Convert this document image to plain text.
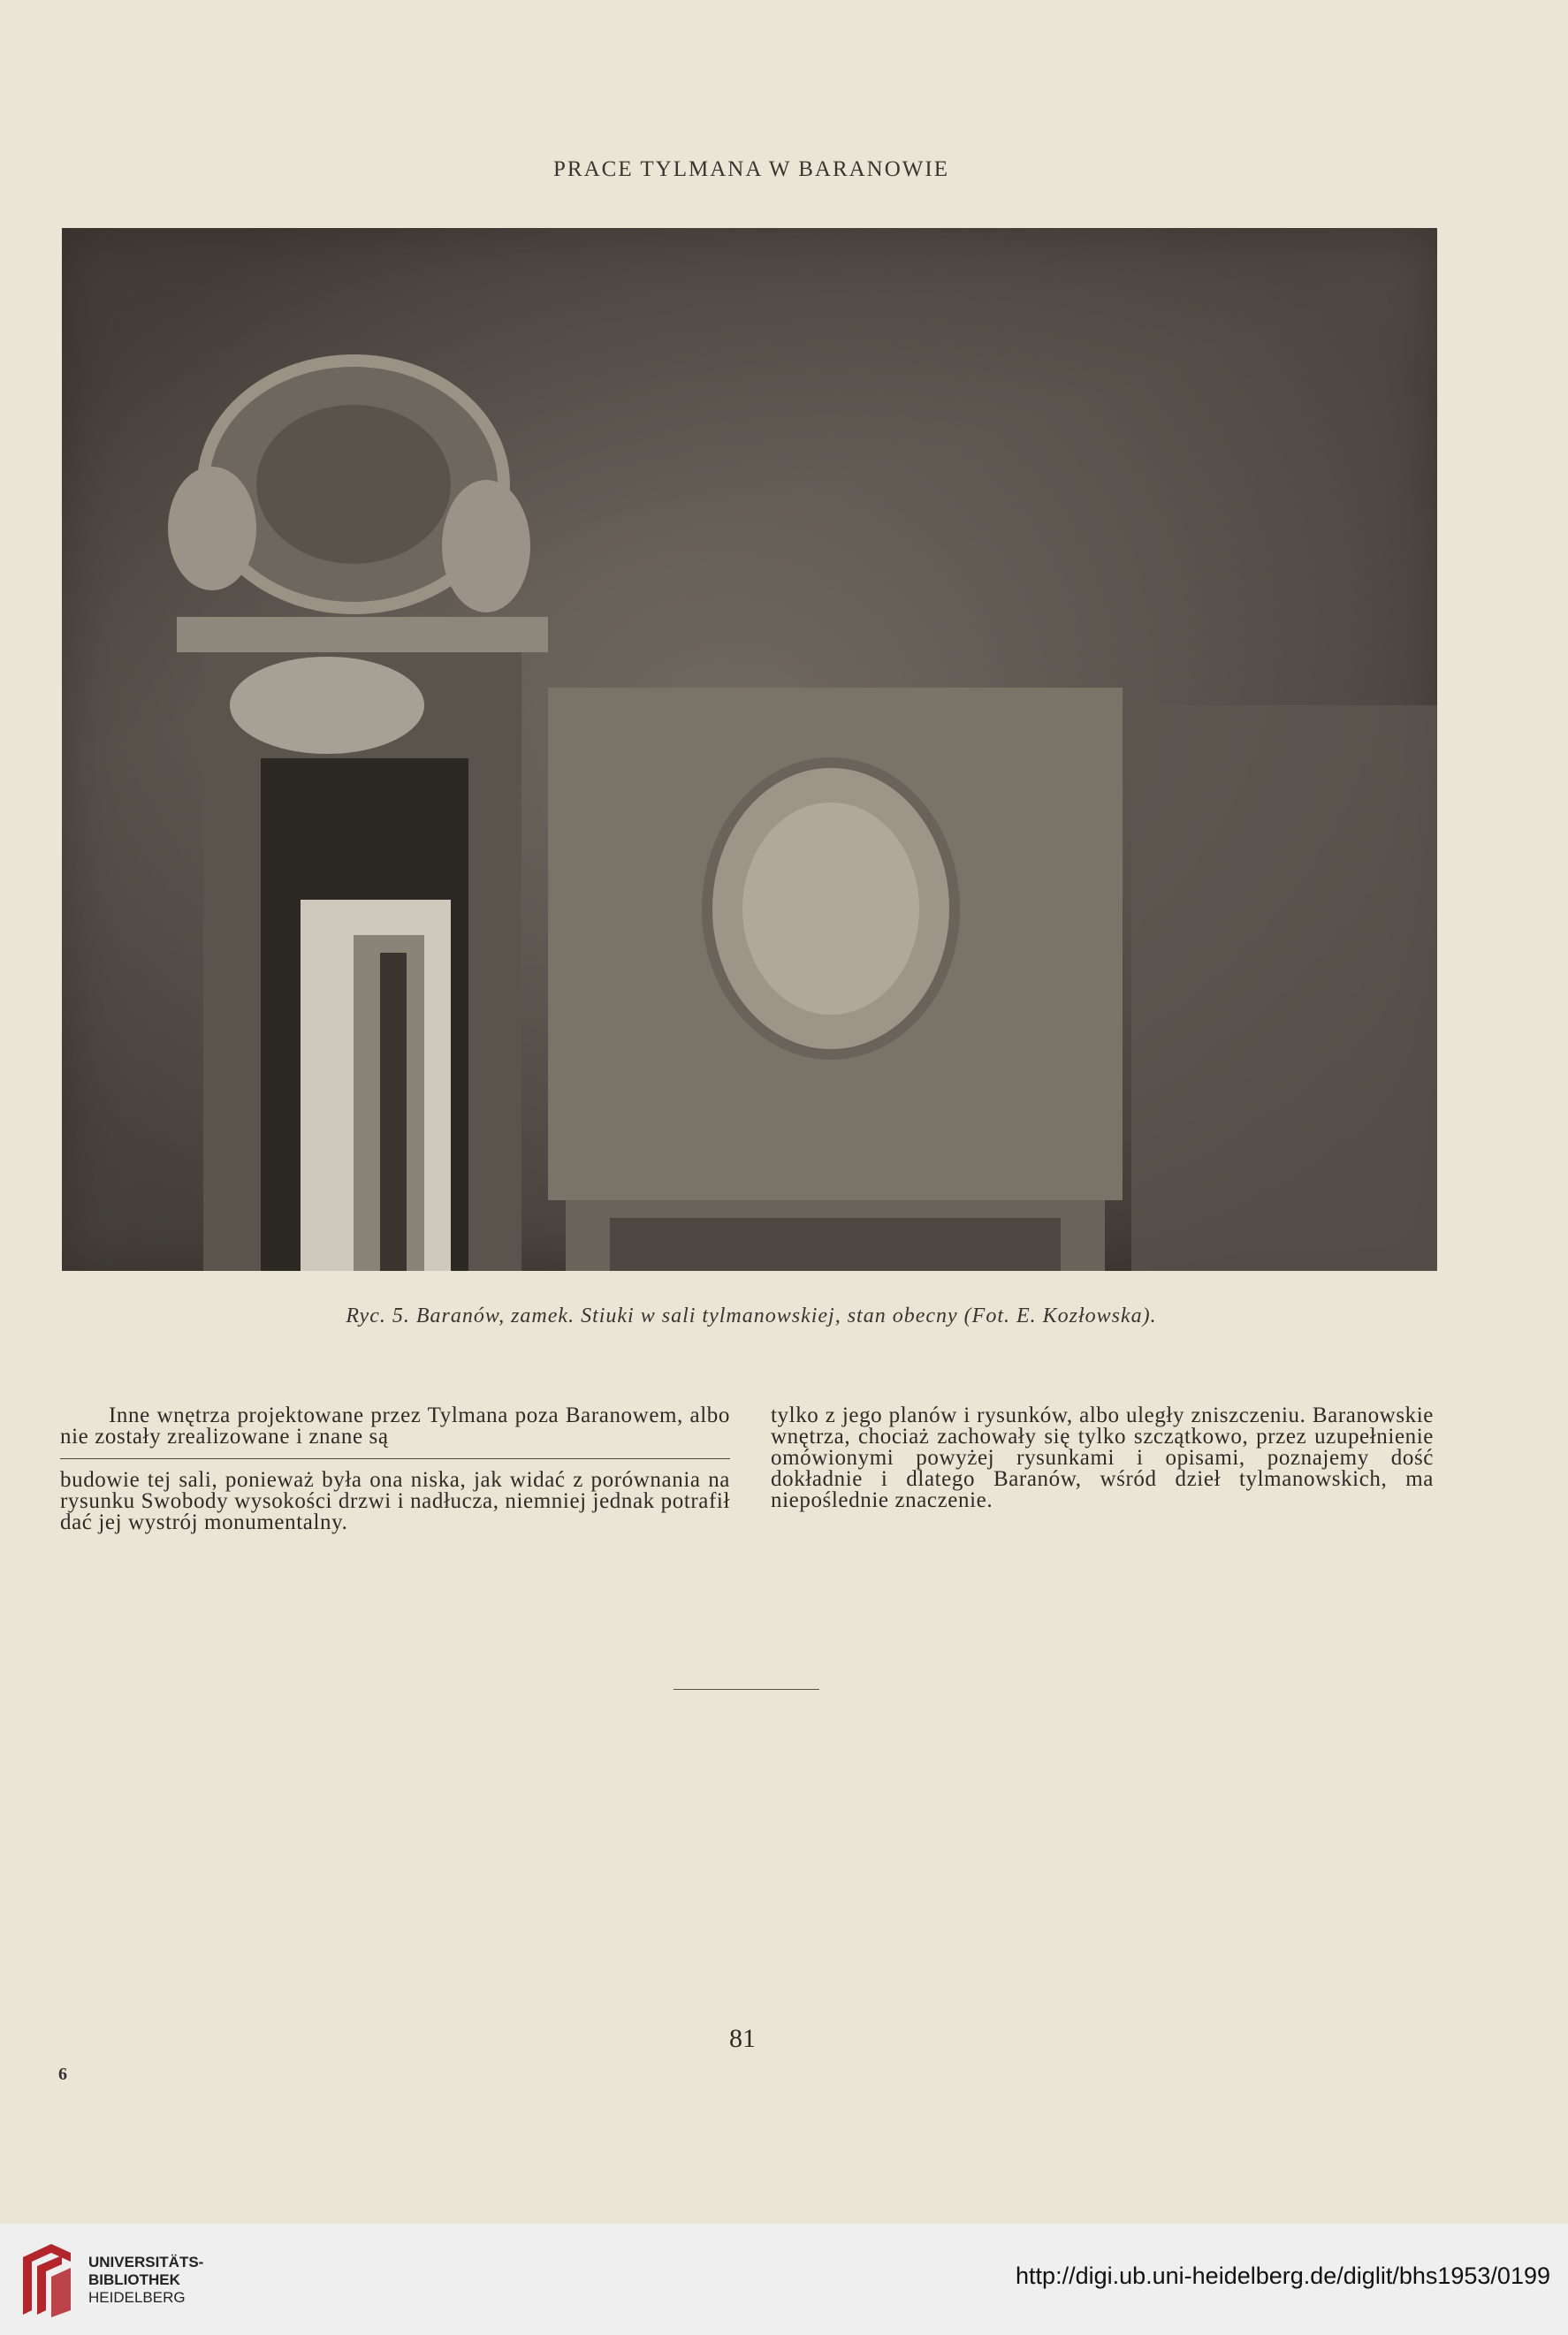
PRACE TYLMANA W BARANOWIE
Ryc. 5. Baranów, zamek. Stiuki w sali tylmanowskiej, stan obecny (Fot. E. Kozłowska).

Inne wnętrza projektowane przez Tylmana poza Baranowem, albo nie zostały zrealizowane i znane są

budowie tej sali, ponieważ była ona niska, jak widać z porównania na rysunku Swobody wysokości drzwi i nadłucza, niemniej jednak potrafił dać jej wystrój monumentalny.

tylko z jego planów i rysunków, albo uległy zniszczeniu. Baranowskie wnętrza, chociaż zachowały się tylko szczątkowo, przez uzupełnienie omówionymi powyżej rysunkami i opisami, poznajemy dość dokładnie i dlatego Baranów, wśród dzieł tylmanowskich, ma niepoślednie znaczenie.

81
6
UNIVERSITÄTS-
BIBLIOTHEK
HEIDELBERG
http://digi.ub.uni-heidelberg.de/diglit/bhs1953/0199
